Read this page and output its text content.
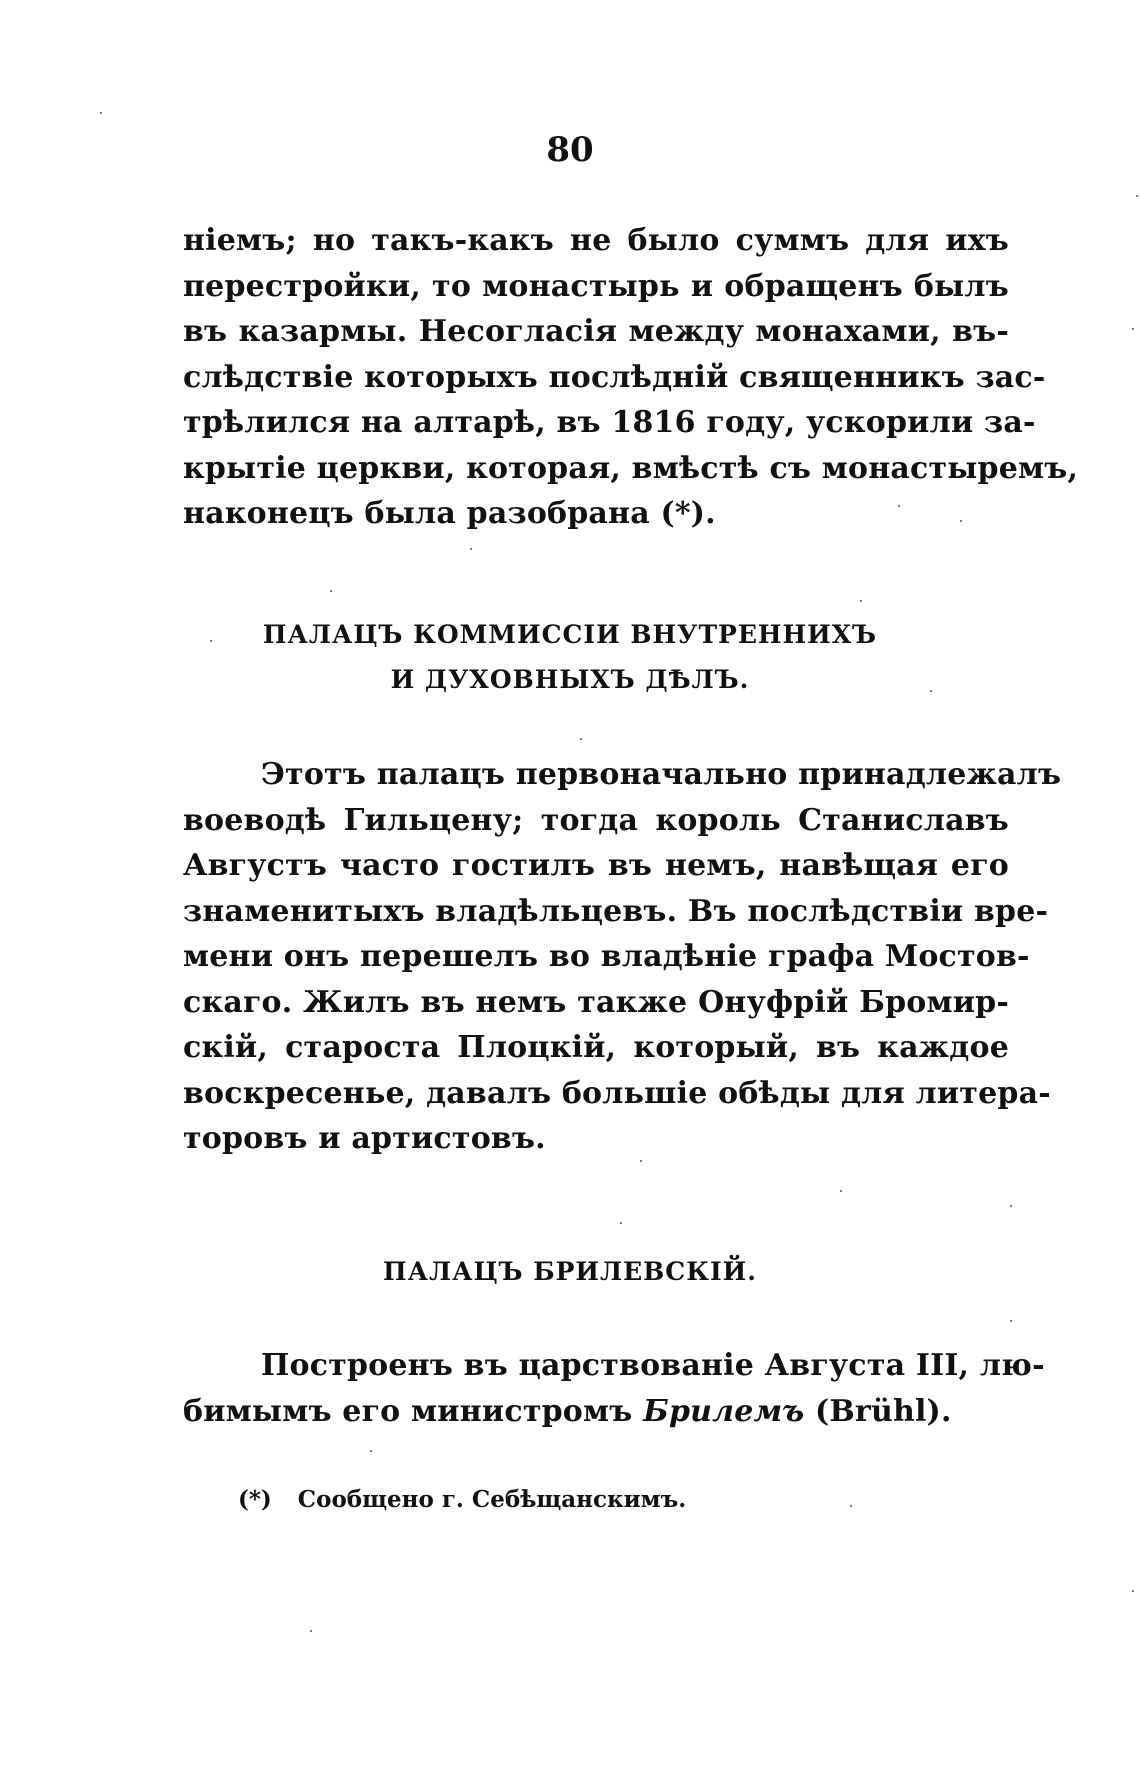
80
нiемъ; но такъ-какъ не было суммъ для ихъ
перестройки, то монастырь и обращенъ былъ
въ казармы. Несогласiя между монахами, въ-
слѣдствiе которыхъ послѣднiй священникъ зас-
трѣлился на алтарѣ, въ 1816 году, ускорили за-
крытiе церкви, которая, вмѣстѣ съ монастыремъ,
наконецъ была разобрана (*).
ПАЛАЦЪ КОММИССIИ ВНУТРЕННИХЪ
И ДУХОВНЫХЪ ДѢЛЪ.
Этотъ палацъ первоначально принадлежалъ
воеводѣ Гильцену; тогда король Станиславъ
Августъ часто гостилъ въ немъ, навѣщая его
знаменитыхъ владѣльцевъ. Въ послѣдствiи вре-
мени онъ перешелъ во владѣнiе графа Мостов-
скаго. Жилъ въ немъ также Онуфрiй Бромир-
скiй, староста Плоцкiй, который, въ каждое
воскресенье, давалъ большiе обѣды для литера-
торовъ и артистовъ.
ПАЛАЦЪ БРИЛЕВСКIЙ.
Построенъ въ царствованiе Августа III, лю-
бимымъ его министромъ Брилемъ (Brühl).
(*) Сообщено г. Себѣщанскимъ.
